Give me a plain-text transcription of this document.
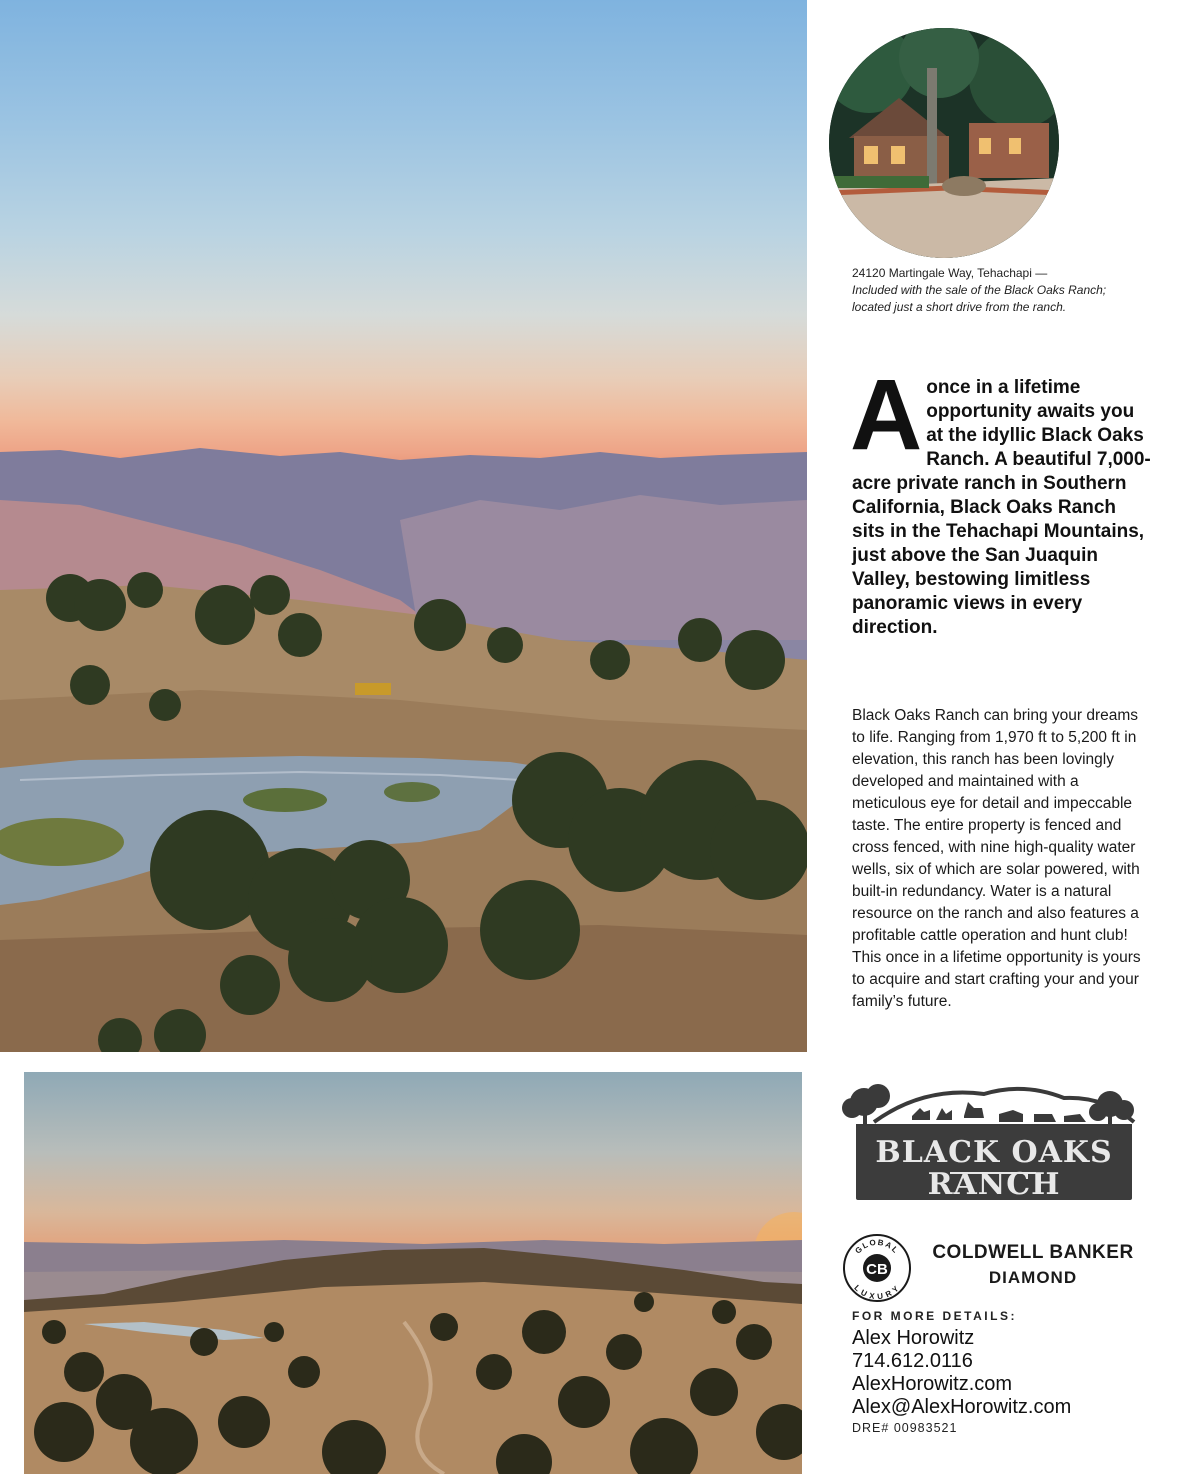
24120 Martingale Way, Tehachapi —
Included with the sale of the Black Oaks Ranch;
located just a short drive from the ranch.
A once in a lifetime opportunity awaits you at the idyllic Black Oaks Ranch. A beautiful 7,000-acre private ranch in Southern California, Black Oaks Ranch sits in the Tehachapi Mountains, just above the San Juaquin Valley, bestowing limitless panoramic views in every direction.
Black Oaks Ranch can bring your dreams to life. Ranging from 1,970 ft to 5,200 ft in elevation, this ranch has been lovingly developed and maintained with a meticulous eye for detail and impeccable taste. The entire property is fenced and cross fenced, with nine high-quality water wells, six of which are solar powered, with built-in redundancy. Water is a natural resource on the ranch and also features a profitable cattle operation and hunt club! This once in a lifetime opportunity is yours to acquire and start crafting your and your family’s future.
BLACK OAKS
RANCH
GLOBAL
LUXURY
CB
COLDWELL BANKER
DIAMOND
FOR MORE DETAILS:
Alex Horowitz
714.612.0116
AlexHorowitz.com
Alex@AlexHorowitz.com
DRE# 00983521
